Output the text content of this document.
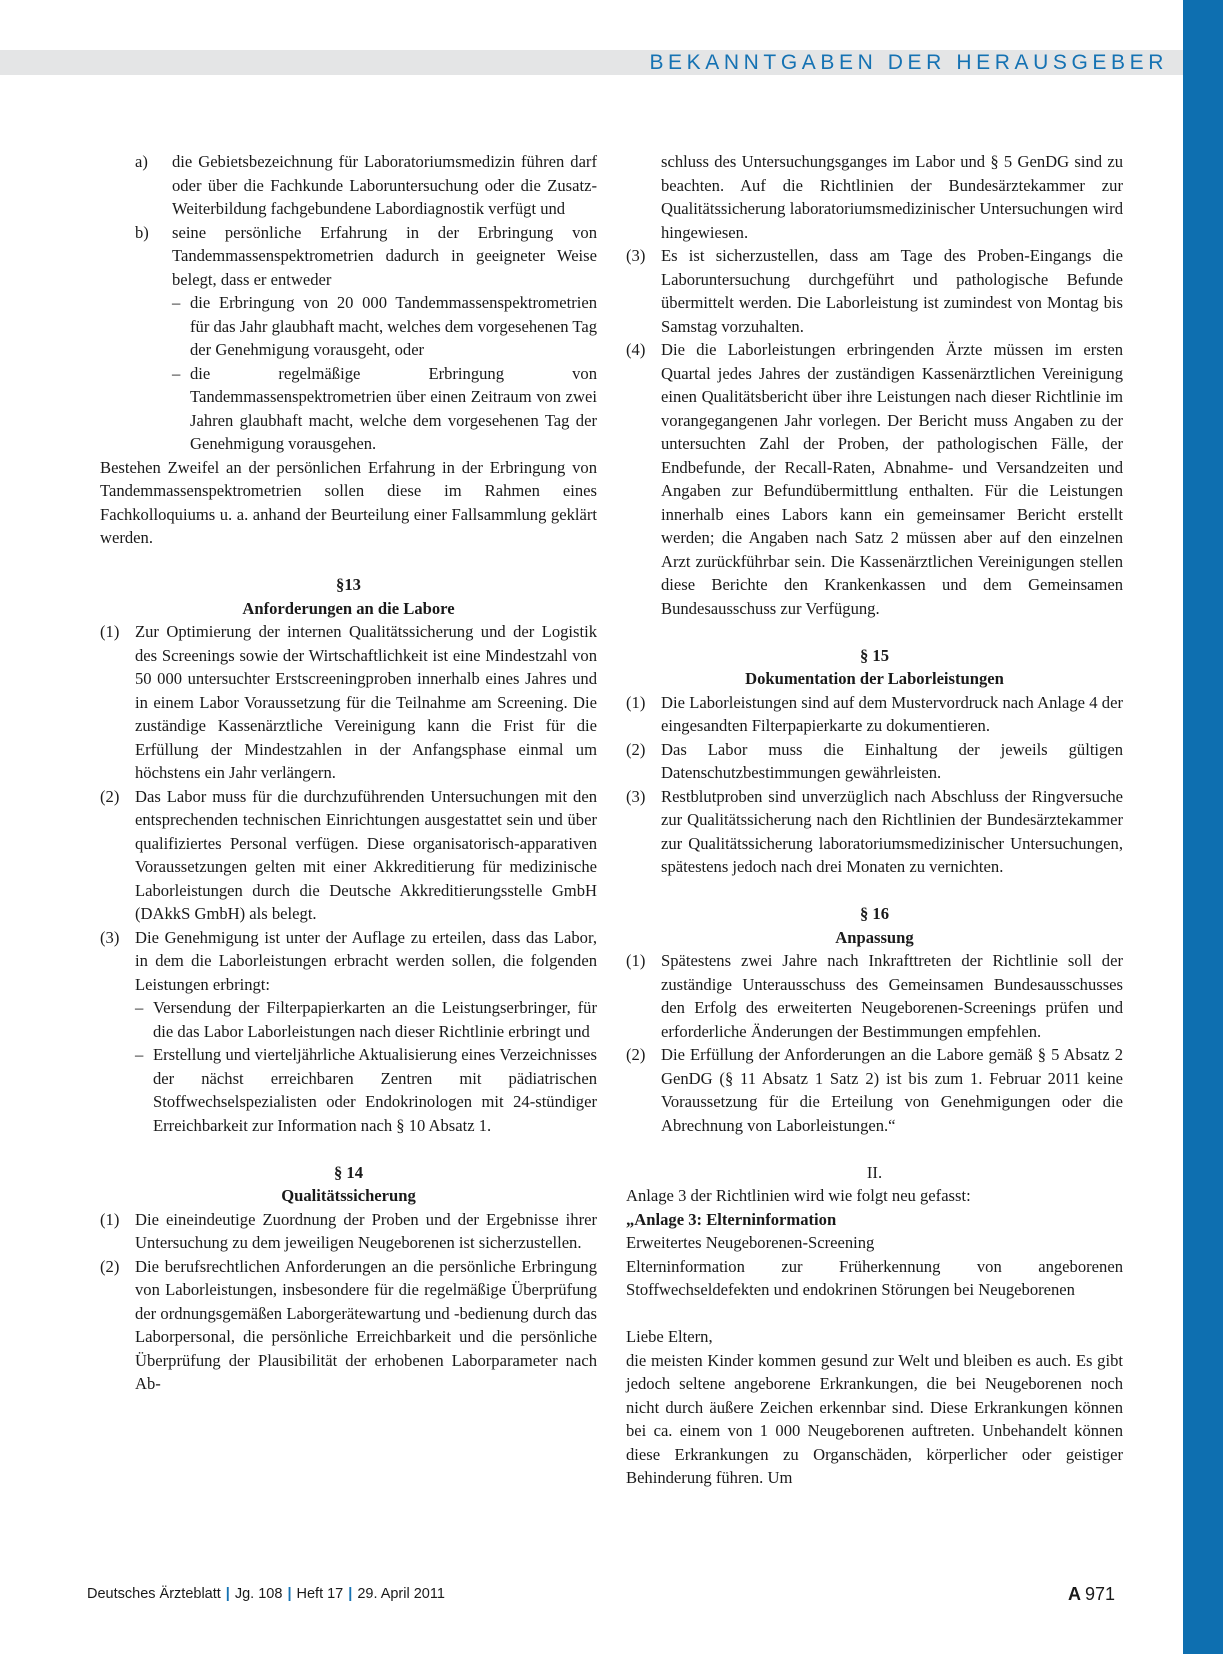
BEKANNTGABEN DER HERAUSGEBER
a) die Gebietsbezeichnung für Laboratoriumsmedizin führen darf oder über die Fachkunde Laboruntersuchung oder die Zusatz-Weiterbildung fachgebundene Labordiagnostik verfügt und
b) seine persönliche Erfahrung in der Erbringung von Tandemmassenspektrometrien dadurch in geeigneter Weise belegt, dass er entweder
– die Erbringung von 20 000 Tandemmassenspektrometrien für das Jahr glaubhaft macht, welches dem vorgesehenen Tag der Genehmigung vorausgeht, oder
– die regelmäßige Erbringung von Tandemmassenspektrometrien über einen Zeitraum von zwei Jahren glaubhaft macht, welche dem vorgesehenen Tag der Genehmigung vorausgehen.

Bestehen Zweifel an der persönlichen Erfahrung in der Erbringung von Tandemmassenspektrometrien sollen diese im Rahmen eines Fachkolloquiums u. a. anhand der Beurteilung einer Fallsammlung geklärt werden.

§13
Anforderungen an die Labore
(1) Zur Optimierung der internen Qualitätssicherung und der Logistik des Screenings sowie der Wirtschaftlichkeit ist eine Mindestzahl von 50 000 untersuchter Erstscreeningproben innerhalb eines Jahres und in einem Labor Voraussetzung für die Teilnahme am Screening. Die zuständige Kassenärztliche Vereinigung kann die Frist für die Erfüllung der Mindestzahlen in der Anfangsphase einmal um höchstens ein Jahr verlängern.
(2) Das Labor muss für die durchzuführenden Untersuchungen mit den entsprechenden technischen Einrichtungen ausgestattet sein und über qualifiziertes Personal verfügen. Diese organisatorisch-apparativen Voraussetzungen gelten mit einer Akkreditierung für medizinische Laborleistungen durch die Deutsche Akkreditierungsstelle GmbH (DAkkS GmbH) als belegt.
(3) Die Genehmigung ist unter der Auflage zu erteilen, dass das Labor, in dem die Laborleistungen erbracht werden sollen, die folgenden Leistungen erbringt:
– Versendung der Filterpapierkarten an die Leistungserbringer, für die das Labor Laborleistungen nach dieser Richtlinie erbringt und
– Erstellung und vierteljährliche Aktualisierung eines Verzeichnisses der nächst erreichbaren Zentren mit pädiatrischen Stoffwechselspezialisten oder Endokrinologen mit 24-stündiger Erreichbarkeit zur Information nach § 10 Absatz 1.
§ 14
Qualitätssicherung
(1) Die eineindeutige Zuordnung der Proben und der Ergebnisse ihrer Untersuchung zu dem jeweiligen Neugeborenen ist sicherzustellen.
(2) Die berufsrechtlichen Anforderungen an die persönliche Erbringung von Laborleistungen, insbesondere für die regelmäßige Überprüfung der ordnungsgemäßen Laborgerätewartung und -bedienung durch das Laborpersonal, die persönliche Erreichbarkeit und die persönliche Überprüfung der Plausibilität der erhobenen Laborparameter nach Ab-
schluss des Untersuchungsganges im Labor und § 5 GenDG sind zu beachten. Auf die Richtlinien der Bundesärztekammer zur Qualitätssicherung laboratoriumsmedizinischer Untersuchungen wird hingewiesen.
(3) Es ist sicherzustellen, dass am Tage des Proben-Eingangs die Laboruntersuchung durchgeführt und pathologische Befunde übermittelt werden. Die Laborleistung ist zumindest von Montag bis Samstag vorzuhalten.
(4) Die die Laborleistungen erbringenden Ärzte müssen im ersten Quartal jedes Jahres der zuständigen Kassenärztlichen Vereinigung einen Qualitätsbericht über ihre Leistungen nach dieser Richtlinie im vorangegangenen Jahr vorlegen. Der Bericht muss Angaben zu der untersuchten Zahl der Proben, der pathologischen Fälle, der Endbefunde, der Recall-Raten, Abnahme- und Versandzeiten und Angaben zur Befundübermittlung enthalten. Für die Leistungen innerhalb eines Labors kann ein gemeinsamer Bericht erstellt werden; die Angaben nach Satz 2 müssen aber auf den einzelnen Arzt zurückführbar sein. Die Kassenärztlichen Vereinigungen stellen diese Berichte den Krankenkassen und dem Gemeinsamen Bundesausschuss zur Verfügung.
§ 15
Dokumentation der Laborleistungen
(1) Die Laborleistungen sind auf dem Mustervordruck nach Anlage 4 der eingesandten Filterpapierkarte zu dokumentieren.
(2) Das Labor muss die Einhaltung der jeweils gültigen Datenschutzbestimmungen gewährleisten.
(3) Restblutproben sind unverzüglich nach Abschluss der Ringversuche zur Qualitätssicherung nach den Richtlinien der Bundesärztekammer zur Qualitätssicherung laboratoriumsmedizinischer Untersuchungen, spätestens jedoch nach drei Monaten zu vernichten.
§ 16
Anpassung
(1) Spätestens zwei Jahre nach Inkrafttreten der Richtlinie soll der zuständige Unterausschuss des Gemeinsamen Bundesausschusses den Erfolg des erweiterten Neugeborenen-Screenings prüfen und erforderliche Änderungen der Bestimmungen empfehlen.
(2) Die Erfüllung der Anforderungen an die Labore gemäß § 5 Absatz 2 GenDG (§ 11 Absatz 1 Satz 2) ist bis zum 1. Februar 2011 keine Voraussetzung für die Erteilung von Genehmigungen oder die Abrechnung von Laborleistungen.“
II.

Anlage 3 der Richtlinien wird wie folgt neu gefasst:

„Anlage 3: Elterninformation
Erweitertes Neugeborenen-Screening

Elterninformation zur Früherkennung von angeborenen Stoffwechseldefekten und endokrinen Störungen bei Neugeborenen

Liebe Eltern,

die meisten Kinder kommen gesund zur Welt und bleiben es auch. Es gibt jedoch seltene angeborene Erkrankungen, die bei Neugeborenen noch nicht durch äußere Zeichen erkennbar sind. Diese Erkrankungen können bei ca. einem von 1 000 Neugeborenen auftreten. Unbehandelt können diese Erkrankungen zu Organschäden, körperlicher oder geistiger Behinderung führen. Um

Deutsches Ärzteblatt | Jg. 108 | Heft 17 | 29. April 2011	A 971
